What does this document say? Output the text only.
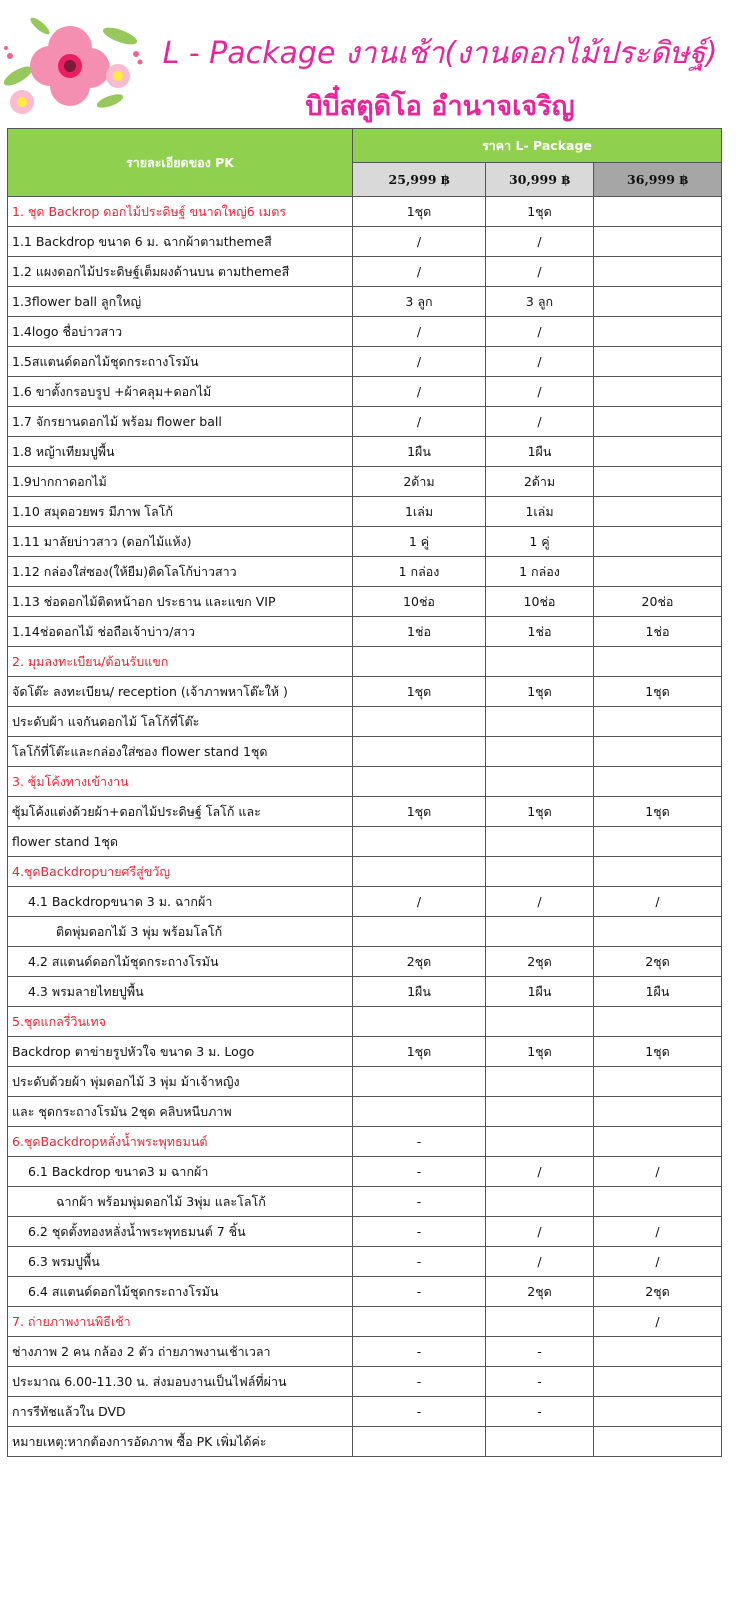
L - Package งานเช้า(งานดอกไม้ประดิษฐ์)
บิบี๋สตูดิโอ อำนาจเจริญ
รายละเอียดของ PK	ราคา L- Package		
	25,999 ฿	30,999 ฿	36,999 ฿
1. ชุด Backrop ดอกไม้ประดิษฐ์ ขนาดใหญ่6 เมตร	1ชุด	1ชุด	
1.1 Backdrop ขนาด 6 ม. ฉากผ้าตามthemeสี	/	/	
1.2 แผงดอกไม้ประดิษฐ์เต็มผงด้านบน ตามthemeสี	/	/	
1.3flower ball ลูกใหญ่	3 ลูก	3 ลูก	
1.4logo ชื่อบ่าวสาว	/	/	
1.5สแตนด์ดอกไม้ชุดกระถางโรมัน	/	/	
1.6 ขาตั้งกรอบรูป +ผ้าคลุม+ดอกไม้	/	/	
1.7 จักรยานดอกไม้ พร้อม flower ball	/	/	
1.8 หญ้าเทียมปูพื้น	1ผืน	1ผืน	
1.9ปากกาดอกไม้	2ด้าม	2ด้าม	
1.10 สมุดอวยพร มีภาพ โลโก้	1เล่ม	1เล่ม	
1.11 มาลัยบ่าวสาว (ดอกไม้แห้ง)	1 คู่	1 คู่	
1.12 กล่องใส่ซอง(ให้ยืม)ติดโลโก้บ่าวสาว	1 กล่อง	1 กล่อง	
1.13 ช่อดอกไม้ติดหน้าอก ประธาน และแขก VIP	10ช่อ	10ช่อ	20ช่อ
1.14ช่อดอกไม้ ช่อถือเจ้าบ่าว/สาว	1ช่อ	1ช่อ	1ช่อ
2. มุมลงทะเบียน/ต้อนรับแขก			
จัดโต๊ะ ลงทะเบียน/ reception (เจ้าภาพหาโต๊ะให้ )	1ชุด	1ชุด	1ชุด
ประดับผ้า แจกันดอกไม้ โลโก้ที่โต๊ะ			
โลโก้ที่โต๊ะและกล่องใส่ซอง flower stand 1ชุด			
3. ซุ้มโค้งทางเข้างาน			
ซุ้มโค้งแต่งด้วยผ้า+ดอกไม้ประดิษฐ์ โลโก้ และ	1ชุด	1ชุด	1ชุด
flower stand 1ชุด			
4.ชุดBackdropบายศรีสู่ขวัญ			
4.1 Backdropขนาด 3 ม. ฉากผ้า	/	/	/
ติดพุ่มดอกไม้ 3 พุ่ม พร้อมโลโก้			
4.2 สแตนด์ดอกไม้ชุดกระถางโรมัน	2ชุด	2ชุด	2ชุด
4.3 พรมลายไทยปูพื้น	1ผืน	1ผืน	1ผืน
5.ชุดแกลรี่วินเทจ			
Backdrop ตาข่ายรูปหัวใจ ขนาด 3 ม. Logo	1ชุด	1ชุด	1ชุด
ประดับด้วยผ้า พุ่มดอกไม้ 3 พุ่ม ม้าเจ้าหญิง			
และ ชุดกระถางโรมัน 2ชุด คลิบหนีบภาพ			
6.ชุดBackdropหลั่งน้ำพระพุทธมนต์	-		
6.1 Backdrop ขนาด3 ม ฉากผ้า	-	/	/
ฉากผ้า พร้อมพุ่มดอกไม้ 3พุ่ม และโลโก้	-		
6.2 ชุดตั้งทองหลั่งน้ำพระพุทธมนต์ 7 ชิ้น	-	/	/
6.3 พรมปูพื้น	-	/	/
6.4 สแตนด์ดอกไม้ชุดกระถางโรมัน	-	2ชุด	2ชุด
7. ถ่ายภาพงานพิธีเช้า			/
ช่างภาพ 2 คน กล้อง 2 ตัว ถ่ายภาพงานเช้าเวลา	-	-	
ประมาณ 6.00-11.30 น. ส่งมอบงานเป็นไฟล์ที่ผ่าน	-	-	
การรีทัชแล้วใน DVD	-	-	
หมายเหตุ:หากต้องการอัดภาพ ซื้อ PK เพิ่มได้ค่ะ			
